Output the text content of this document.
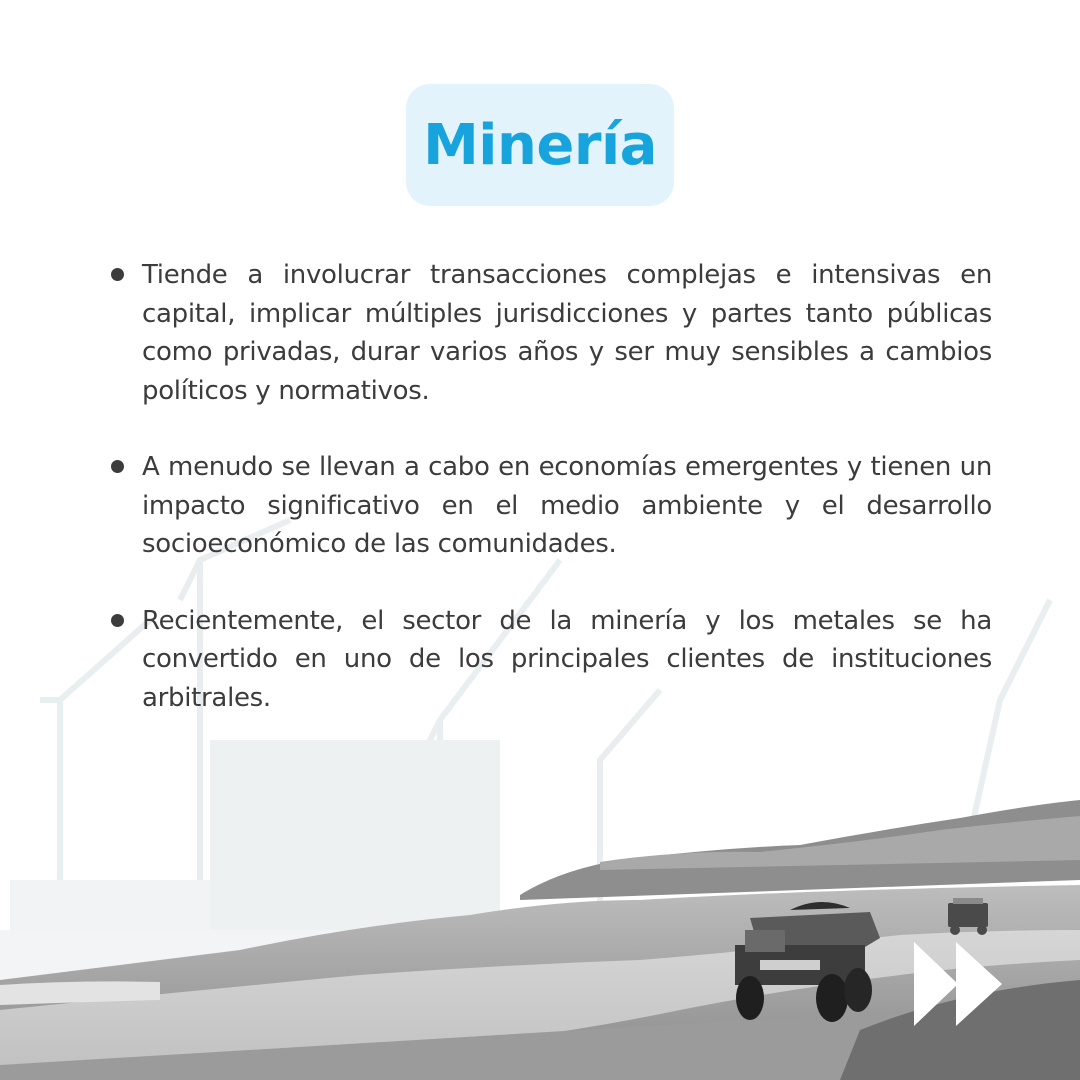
Minería
Tiende a involucrar transacciones complejas e intensivas en capital, implicar múltiples jurisdicciones y partes tanto públicas como privadas, durar varios años y ser muy sensibles a cambios políticos y normativos.
A menudo se llevan a cabo en economías emergentes y tienen un impacto significativo en el medio ambiente y el desarrollo socioeconómico de las comunidades.
Recientemente, el sector de la minería y los metales se ha convertido en uno de los principales clientes de instituciones arbitrales.
